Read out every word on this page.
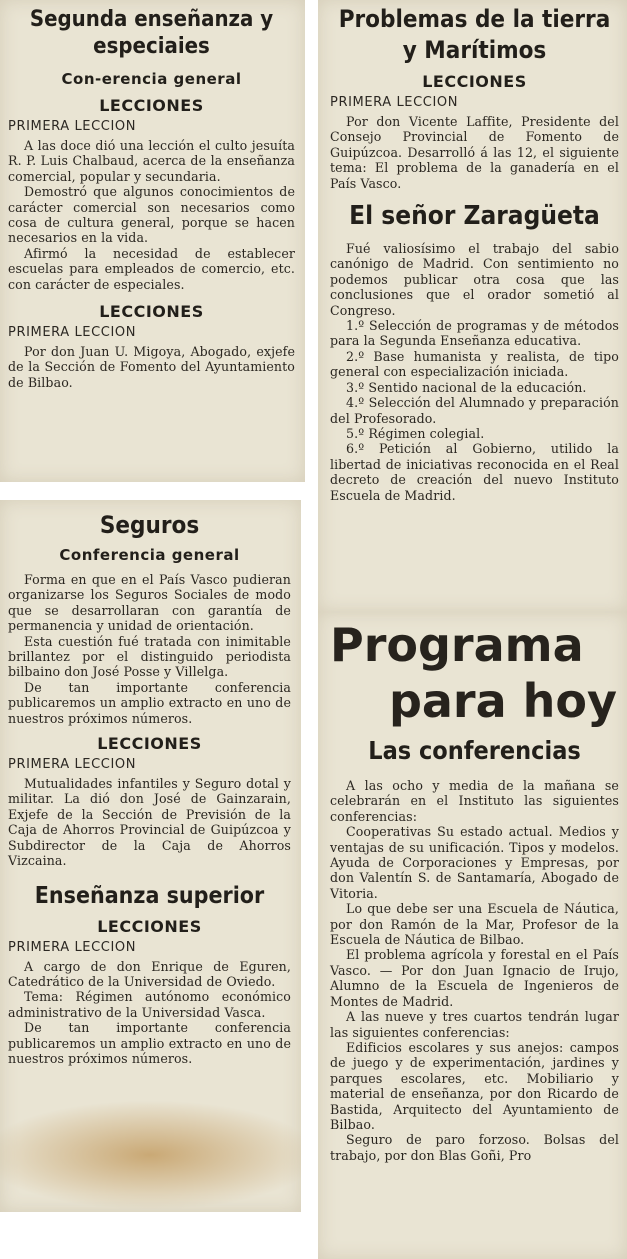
Segunda enseñanza y especiaies
Con-erencia general
LECCIONES
PRIMERA LECCION

A las doce dió una lección el culto jesuíta R. P. Luis Chalbaud, acerca de la enseñanza comercial, popular y secundaria.

Demostró que algunos conocimientos de carácter comercial son necesarios como cosa de cultura general, porque se hacen necesarios en la vida.

Afirmó la necesidad de establecer escuelas para empleados de comercio, etc. con carácter de especiales.

LECCIONES
PRIMERA LECCION

Por don Juan U. Migoya, Abogado, exjefe de la Sección de Fomento del Ayuntamiento de Bilbao.

Seguros
Conferencia general

Forma en que en el País Vasco pudieran organizarse los Seguros Sociales de modo que se desarrollaran con garantía de permanencia y unidad de orientación.

Esta cuestión fué tratada con inimitable brillantez por el distinguido periodista bilbaino don José Posse y Villelga.

De tan importante conferencia publicaremos un amplio extracto en uno de nuestros próximos números.

LECCIONES
PRIMERA LECCION

Mutualidades infantiles y Seguro dotal y militar. La dió don José de Gainzarain, Exjefe de la Sección de Previsión de la Caja de Ahorros Provincial de Guipúzcoa y Subdirector de la Caja de Ahorros Vizcaina.

Enseñanza superior
LECCIONES
PRIMERA LECCION

A cargo de don Enrique de Eguren, Catedrático de la Universidad de Oviedo.

Tema: Régimen autónomo económico administrativo de la Universidad Vasca.

De tan importante conferencia publicaremos un amplio extracto en uno de nuestros próximos números.

Problemas de la tierra y Marítimos
LECCIONES
PRIMERA LECCION

Por don Vicente Laffite, Presidente del Consejo Provincial de Fomento de Guipúzcoa. Desarrolló á las 12, el siguiente tema: El problema de la ganadería en el País Vasco.

El señor Zaragüeta

Fué valiosísimo el trabajo del sabio canónigo de Madrid. Con sentimiento no podemos publicar otra cosa que las conclusiones que el orador sometió al Congreso.

1.º Selección de programas y de métodos para la Segunda Enseñanza educativa.

2.º Base humanista y realista, de tipo general con especialización iniciada.

3.º Sentido nacional de la educación.

4.º Selección del Alumnado y preparación del Profesorado.

5.º Régimen colegial.

6.º Petición al Gobierno, utilido la libertad de iniciativas reconocida en el Real decreto de creación del nuevo Instituto Escuela de Madrid.

Programa
para hoy
Las conferencias

A las ocho y media de la mañana se celebrarán en el Instituto las siguientes conferencias:

Cooperativas Su estado actual. Medios y ventajas de su unificación. Tipos y modelos. Ayuda de Corporaciones y Empresas, por don Valentín S. de Santamaría, Abogado de Vitoria.

Lo que debe ser una Escuela de Náutica, por don Ramón de la Mar, Profesor de la Escuela de Náutica de Bilbao.

El problema agrícola y forestal en el País Vasco. — Por don Juan Ignacio de Irujo, Alumno de la Escuela de Ingenieros de Montes de Madrid.

A las nueve y tres cuartos tendrán lugar las siguientes conferencias:

Edificios escolares y sus anejos: campos de juego y de experimentación, jardines y parques escolares, etc. Mobiliario y material de enseñanza, por don Ricardo de Bastida, Arquitecto del Ayuntamiento de Bilbao.

Seguro de paro forzoso. Bolsas del trabajo, por don Blas Goñi, Pro
